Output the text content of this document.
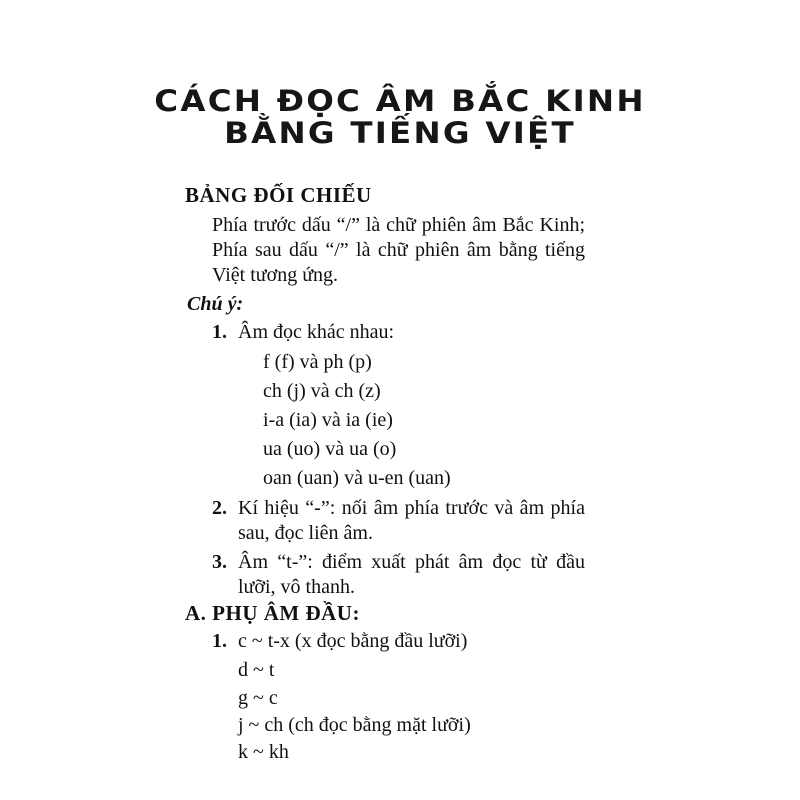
CÁCH ĐỌC ÂM BẮC KINH
BẰNG TIẾNG VIỆT
BẢNG ĐỐI CHIẾU
Phía trước dấu “/” là chữ phiên âm Bắc Kinh;
Phía sau dấu “/” là chữ phiên âm bằng tiếng
Việt tương ứng.
Chú ý:
1. Âm đọc khác nhau:
f (f) và ph (p)
ch (j) và ch (z)
i-a (ia) và ia (ie)
ua (uo) và ua (o)
oan (uan) và u-en (uan)
2. Kí hiệu “-”: nối âm phía trước và âm phía
sau, đọc liên âm.
3. Âm “t-”: điểm xuất phát âm đọc từ đầu
lưỡi, vô thanh.
A. PHỤ ÂM ĐẦU:
1. c ~ t-x (x đọc bằng đầu lưỡi)
d ~ t
g ~ c
j ~ ch (ch đọc bằng mặt lưỡi)
k ~ kh
